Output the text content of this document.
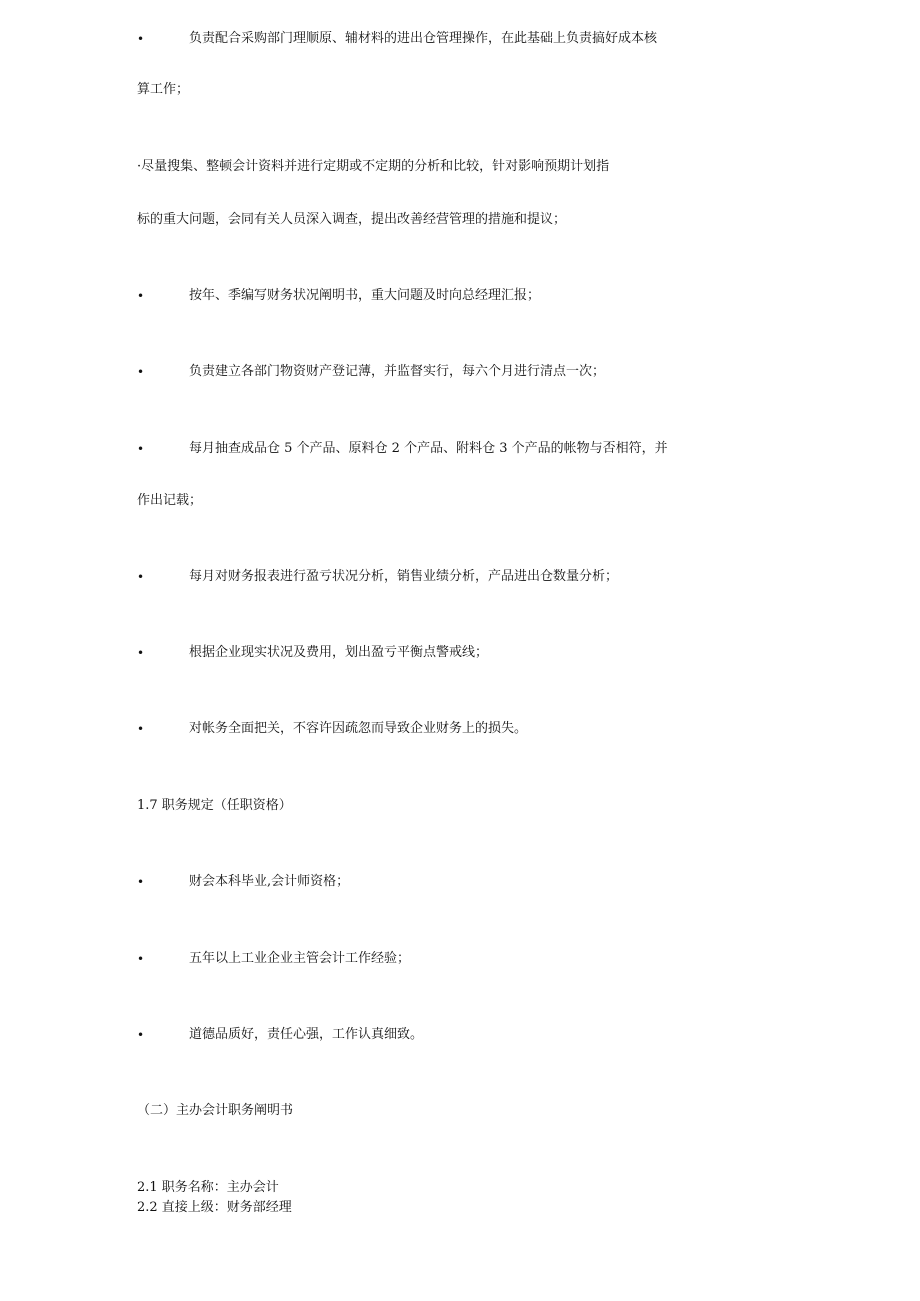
•	负责配合采购部门理顺原、辅材料的进出仓管理操作，在此基础上负责搞好成本核
算工作；
·尽量搜集、整顿会计资料并进行定期或不定期的分析和比较，针对影响预期计划指
标的重大问题，会同有关人员深入调查，提出改善经营管理的措施和提议；
•	按年、季编写财务状况阐明书，重大问题及时向总经理汇报；
•	负责建立各部门物资财产登记薄，并监督实行，每六个月进行清点一次；
•	每月抽查成品仓 5 个产品、原料仓 2 个产品、附料仓 3 个产品的帐物与否相符，并
作出记载；
•	每月对财务报表进行盈亏状况分析，销售业绩分析，产品进出仓数量分析；
•	根据企业现实状况及费用，划出盈亏平衡点警戒线；
•	对帐务全面把关，不容许因疏忽而导致企业财务上的损失。
1.7 职务规定（任职资格）
•	财会本科毕业,会计师资格；
•	五年以上工业企业主管会计工作经验；
•	道德品质好，责任心强，工作认真细致。
（二）主办会计职务阐明书
2.1 职务名称：主办会计
2.2 直接上级：财务部经理
